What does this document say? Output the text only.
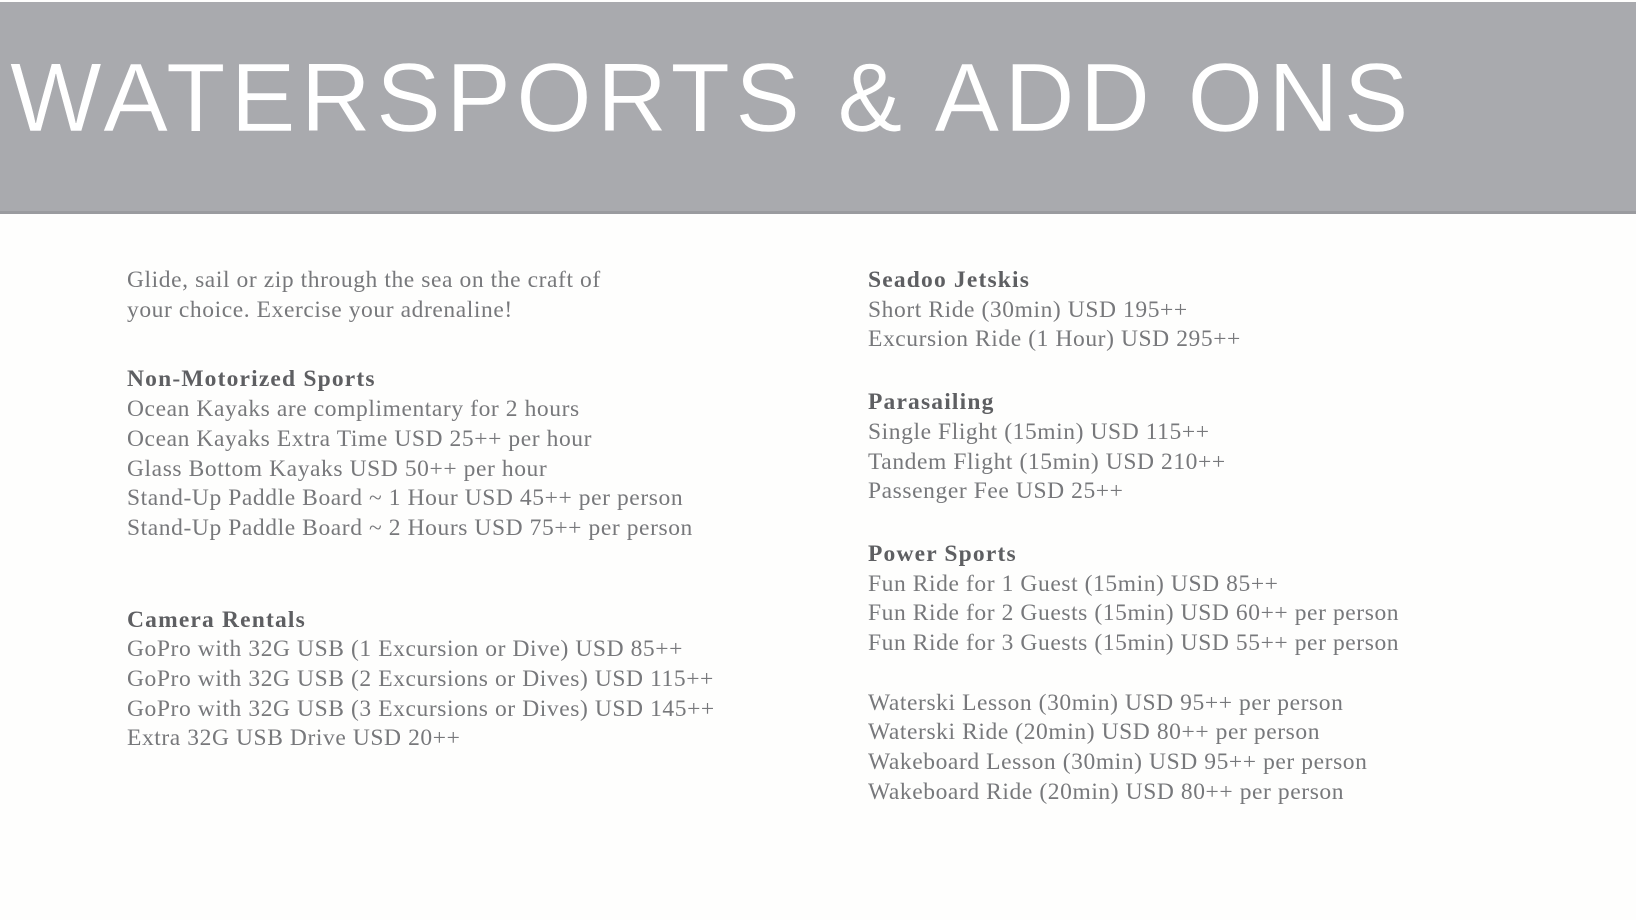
WATERSPORTS & ADD ONS

Glide, sail or zip through the sea on the craft of

your choice. Exercise your adrenaline!

Non-Motorized Sports

Ocean Kayaks are complimentary for 2 hours

Ocean Kayaks Extra Time USD 25++ per hour

Glass Bottom Kayaks USD 50++ per hour

Stand-Up Paddle Board ~ 1 Hour USD 45++ per person

Stand-Up Paddle Board ~ 2 Hours USD 75++ per person

Camera Rentals

GoPro with 32G USB (1 Excursion or Dive) USD 85++

GoPro with 32G USB (2 Excursions or Dives) USD 115++

GoPro with 32G USB (3 Excursions or Dives) USD 145++

Extra 32G USB Drive USD 20++

Seadoo Jetskis

Short Ride (30min) USD 195++

Excursion Ride (1 Hour) USD 295++

Parasailing

Single Flight (15min) USD 115++

Tandem Flight (15min) USD 210++

Passenger Fee USD 25++

Power Sports

Fun Ride for 1 Guest (15min) USD 85++

Fun Ride for 2 Guests (15min) USD 60++ per person

Fun Ride for 3 Guests (15min) USD 55++ per person

Waterski Lesson (30min) USD 95++ per person

Waterski Ride (20min) USD 80++ per person

Wakeboard Lesson (30min) USD 95++ per person

Wakeboard Ride (20min) USD 80++ per person
